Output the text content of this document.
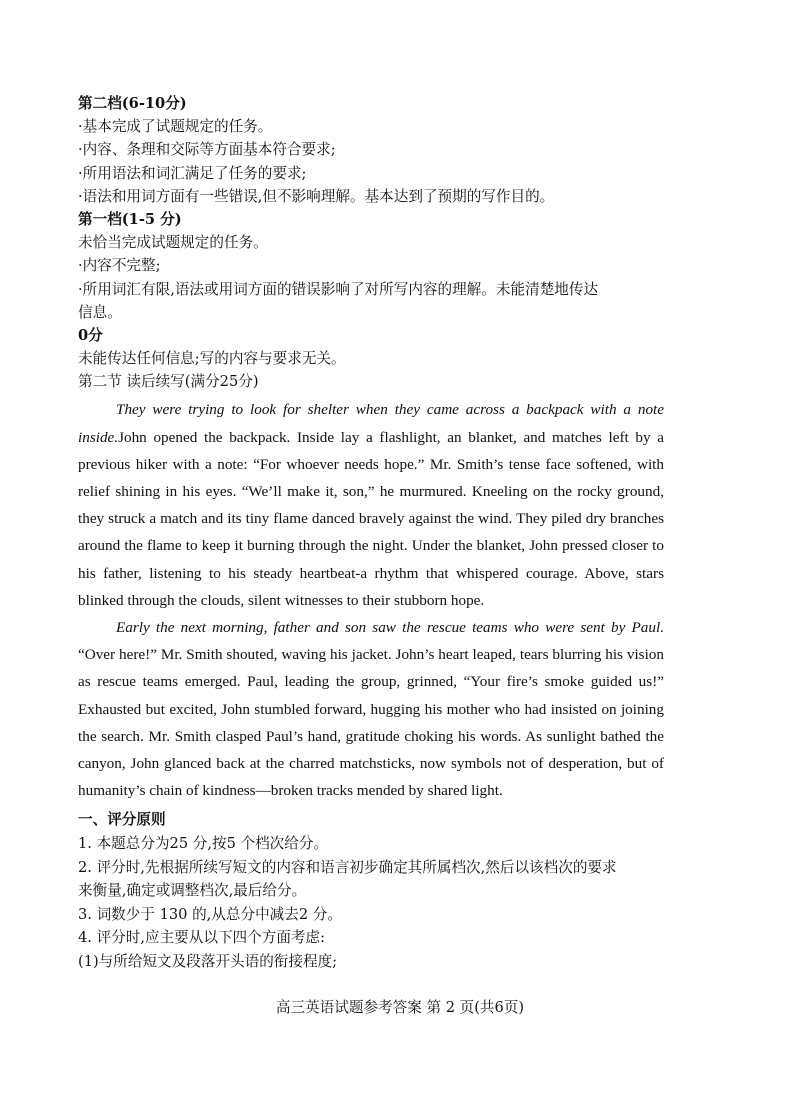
第二档(6-10分)
·基本完成了试题规定的任务。
·内容、条理和交际等方面基本符合要求;
·所用语法和词汇满足了任务的要求;
·语法和用词方面有一些错误,但不影响理解。基本达到了预期的写作目的。
第一档(1-5 分)
未恰当完成试题规定的任务。
·内容不完整;
·所用词汇有限,语法或用词方面的错误影响了对所写内容的理解。未能清楚地传达
信息。
0分
未能传达任何信息;写的内容与要求无关。
第二节 读后续写(满分25分)

They were trying to look for shelter when they came across a backpack with a note inside.John opened the backpack. Inside lay a flashlight, an blanket, and matches left by a previous hiker with a note: “For whoever needs hope.” Mr. Smith’s tense face softened, with relief shining in his eyes. “We’ll make it, son,” he murmured. Kneeling on the rocky ground, they struck a match and its tiny flame danced bravely against the wind. They piled dry branches around the flame to keep it burning through the night. Under the blanket, John pressed closer to his father, listening to his steady heartbeat-a rhythm that whispered courage. Above, stars blinked through the clouds, silent witnesses to their stubborn hope.

Early the next morning, father and son saw the rescue teams who were sent by Paul. “Over here!” Mr. Smith shouted, waving his jacket. John’s heart leaped, tears blurring his vision as rescue teams emerged. Paul, leading the group, grinned, “Your fire’s smoke guided us!” Exhausted but excited, John stumbled forward, hugging his mother who had insisted on joining the search. Mr. Smith clasped Paul’s hand, gratitude choking his words. As sunlight bathed the canyon, John glanced back at the charred matchsticks, now symbols not of desperation, but of humanity’s chain of kindness—broken tracks mended by shared light.

一、评分原则
1. 本题总分为25 分,按5 个档次给分。
2. 评分时,先根据所续写短文的内容和语言初步确定其所属档次,然后以该档次的要求
来衡量,确定或调整档次,最后给分。
3. 词数少于 130 的,从总分中减去2 分。
4. 评分时,应主要从以下四个方面考虑:
(1)与所给短文及段落开头语的衔接程度;
高三英语试题参考答案 第 2 页(共6页)
